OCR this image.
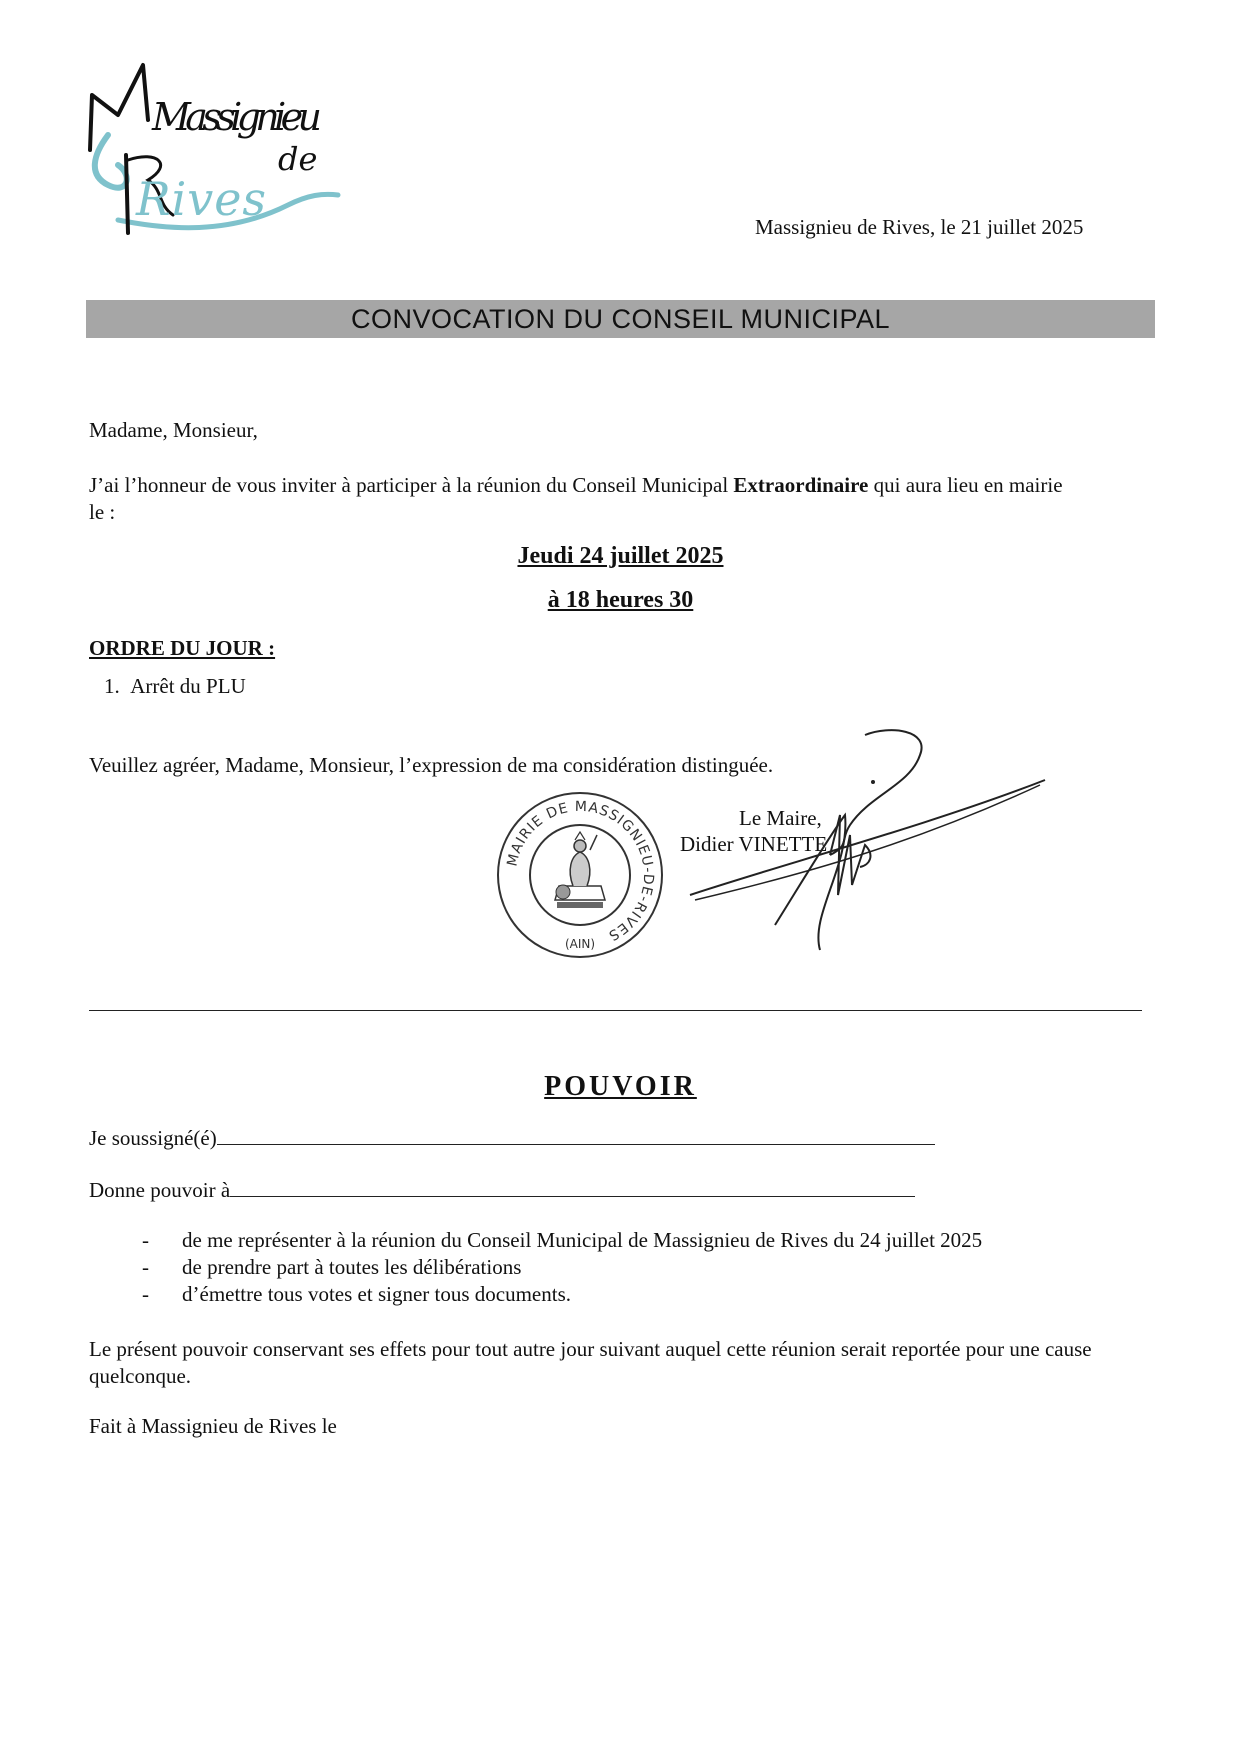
Massignieu
de
Rives
Massignieu de Rives, le 21 juillet 2025
CONVOCATION DU CONSEIL MUNICIPAL
Madame, Monsieur,
J’ai l’honneur de vous inviter à participer à la réunion du Conseil Municipal Extraordinaire qui aura lieu en mairie
le :
Jeudi 24 juillet 2025
à 18 heures 30
ORDRE DU JOUR :
1. Arrêt du PLU
Veuillez agréer, Madame, Monsieur, l’expression de ma considération distinguée.
MAIRIE DE MASSIGNIEU-DE-RIVES
(AIN)
Le Maire,
Didier VINETTE
POUVOIR
Je soussigné(é)
Donne pouvoir à
- de me représenter à la réunion du Conseil Municipal de Massignieu de Rives du 24 juillet 2025
- de prendre part à toutes les délibérations
- d’émettre tous votes et signer tous documents.
Le présent pouvoir conservant ses effets pour tout autre jour suivant auquel cette réunion serait reportée pour une cause quelconque.
Fait à Massignieu de Rives le
